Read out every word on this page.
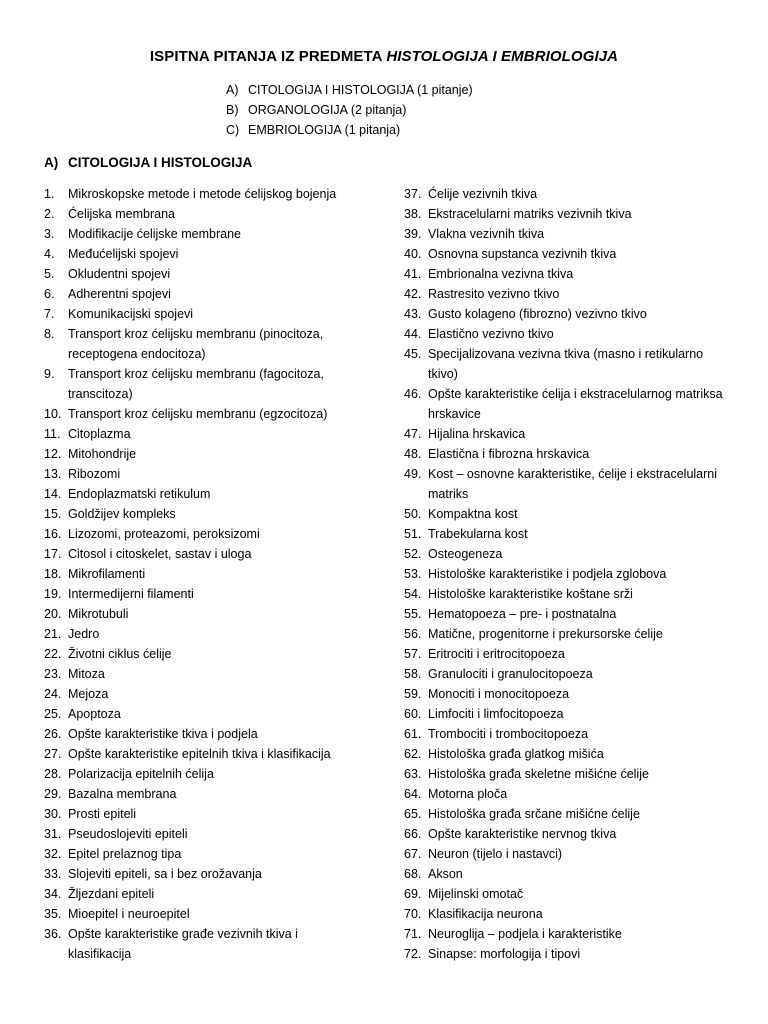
ISPITNA PITANJA IZ PREDMETA HISTOLOGIJA I EMBRIOLOGIJA
A) CITOLOGIJA I HISTOLOGIJA (1 pitanje)
B) ORGANOLOGIJA (2 pitanja)
C) EMBRIOLOGIJA (1 pitanja)
A) CITOLOGIJA I HISTOLOGIJA
1.	Mikroskopske metode i metode ćelijskog bojenja
2.	Ćelijska membrana
3.	Modifikacije ćelijske membrane
4.	Međućelijski spojevi
5.	Okludentni spojevi
6.	Adherentni spojevi
7.	Komunikacijski spojevi
8.	Transport kroz ćelijsku membranu (pinocitoza, receptogena endocitoza)
9.	Transport kroz ćelijsku membranu (fagocitoza, transcitoza)
10. Transport kroz ćelijsku membranu (egzocitoza)
11. Citoplazma
12. Mitohondrije
13. Ribozomi
14. Endoplazmatski retikulum
15. Goldžijev kompleks
16. Lizozomi, proteazomi, peroksizomi
17. Citosol i citoskelet, sastav i uloga
18. Mikrofilamenti
19. Intermedijerni filamenti
20. Mikrotubuli
21. Jedro
22. Životni ciklus ćelije
23. Mitoza
24. Mejoza
25. Apoptoza
26. Opšte karakteristike tkiva i podjela
27. Opšte karakteristike epitelnih tkiva i klasifikacija
28. Polarizacija epitelnih ćelija
29. Bazalna membrana
30. Prosti epiteli
31. Pseudoslojeviti epiteli
32. Epitel prelaznog tipa
33. Slojeviti epiteli, sa i bez orožavanja
34. Žljezdani epiteli
35. Mioepitel i neuroepitel
36. Opšte karakteristike građe vezivnih tkiva i klasifikacija
37. Ćelije vezivnih tkiva
38. Ekstracelularni matriks vezivnih tkiva
39. Vlakna vezivnih tkiva
40. Osnovna supstanca vezivnih tkiva
41. Embrionalna vezivna tkiva
42. Rastresito vezivno tkivo
43. Gusto kolageno (fibrozno) vezivno tkivo
44. Elastično vezivno tkivo
45. Specijalizovana vezivna tkiva (masno i retikularno tkivo)
46. Opšte karakteristike ćelija i ekstracelularnog matriksa hrskavice
47. Hijalina hrskavica
48. Elastična i fibrozna hrskavica
49. Kost – osnovne karakteristike, ćelije i ekstracelularni matriks
50. Kompaktna kost
51. Trabekularna kost
52. Osteogeneza
53. Histološke karakteristike i podjela zglobova
54. Histološke karakteristike koštane srži
55. Hematopoeza – pre- i postnatalna
56. Matične, progenitorne i prekursorske ćelije
57. Eritrociti i eritrocitopoeza
58. Granulociti i granulocitopoeza
59. Monociti i monocitopoeza
60. Limfociti i limfocitopoeza
61. Trombociti i trombocitopoeza
62. Histološka građa glatkog mišića
63. Histološka građa skeletne mišićne ćelije
64. Motorna ploča
65. Histološka građa srčane mišićne ćelije
66. Opšte karakteristike nervnog tkiva
67. Neuron (tijelo i nastavci)
68. Akson
69. Mijelinski omotač
70. Klasifikacija neurona
71. Neuroglija – podjela i karakteristike
72. Sinapse: morfologija i tipovi
